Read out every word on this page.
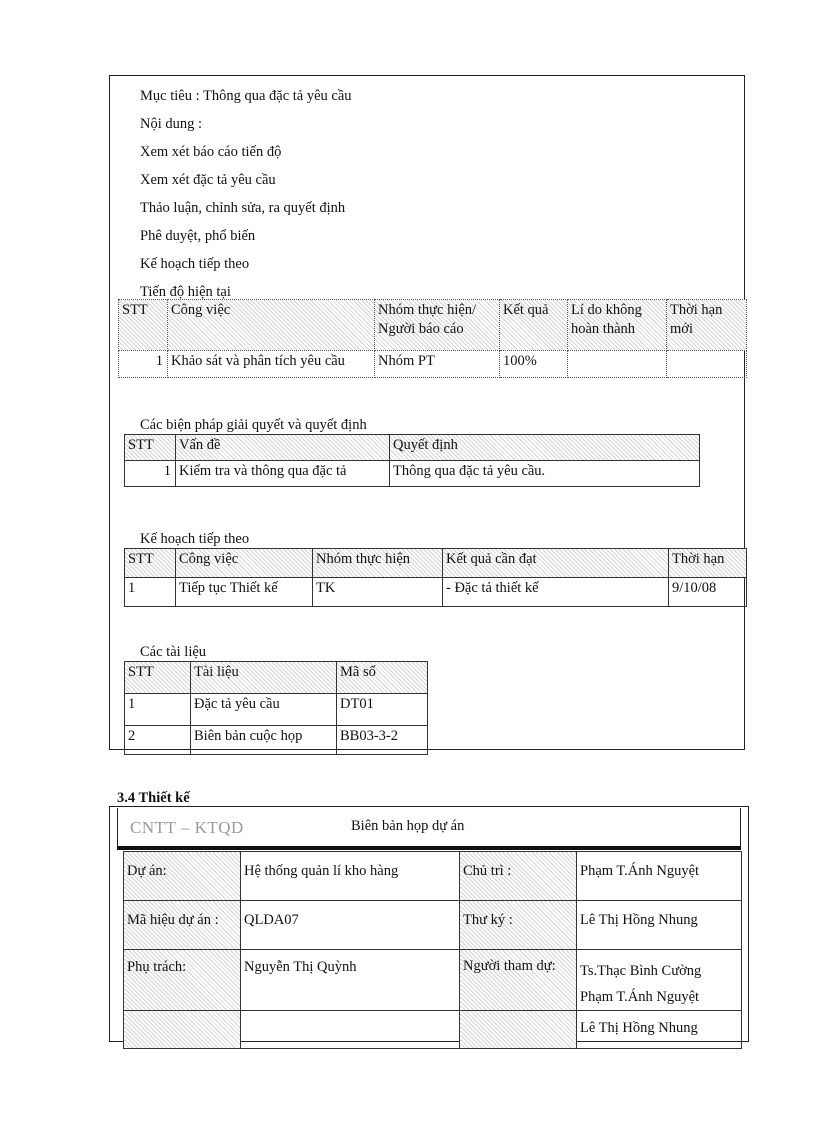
Mục tiêu : Thông qua đặc tả yêu cầu
Nội dung :
Xem xét báo cáo tiến độ
Xem xét đặc tả yêu cầu
Thảo luận, chỉnh sửa, ra quyết định
Phê duyệt, phổ biến
Kế hoạch tiếp theo
Tiến độ hiện tại
STT	Công việc	Nhóm thực hiện/ Người báo cáo	Kết quả	Lí do không hoàn thành	Thời hạn mới
1	Khảo sát và phân tích yêu cầu	Nhóm PT	100%		
Các biện pháp giải quyết và quyết định
STT	Vấn đề	Quyết định
1	Kiểm tra và thông qua đặc tả	Thông qua đặc tả yêu cầu.
Kế hoạch tiếp theo
STT	Công việc	Nhóm thực hiện	Kết quả cần đạt	Thời hạn
1	Tiếp tục Thiết kế	TK	- Đặc tả thiết kế	9/10/08
Các tài liệu
STT	Tài liệu	Mã số
1	Đặc tả yêu cầu	DT01
2	Biên bản cuộc họp	BB03-3-2
3.4 Thiết kế
CNTT – KTQD	Biên bản họp dự án
Dự án:	Hệ thống quản lí kho hàng	Chủ trì :	Phạm T.Ánh Nguyệt
Mã hiệu dự án :	QLDA07	Thư ký :	Lê Thị Hồng Nhung
Phụ trách:	Nguyễn Thị Quỳnh	Người tham dự:	Ts.Thạc Bình Cường
Phạm T.Ánh Nguyệt

			Lê Thị Hồng Nhung
